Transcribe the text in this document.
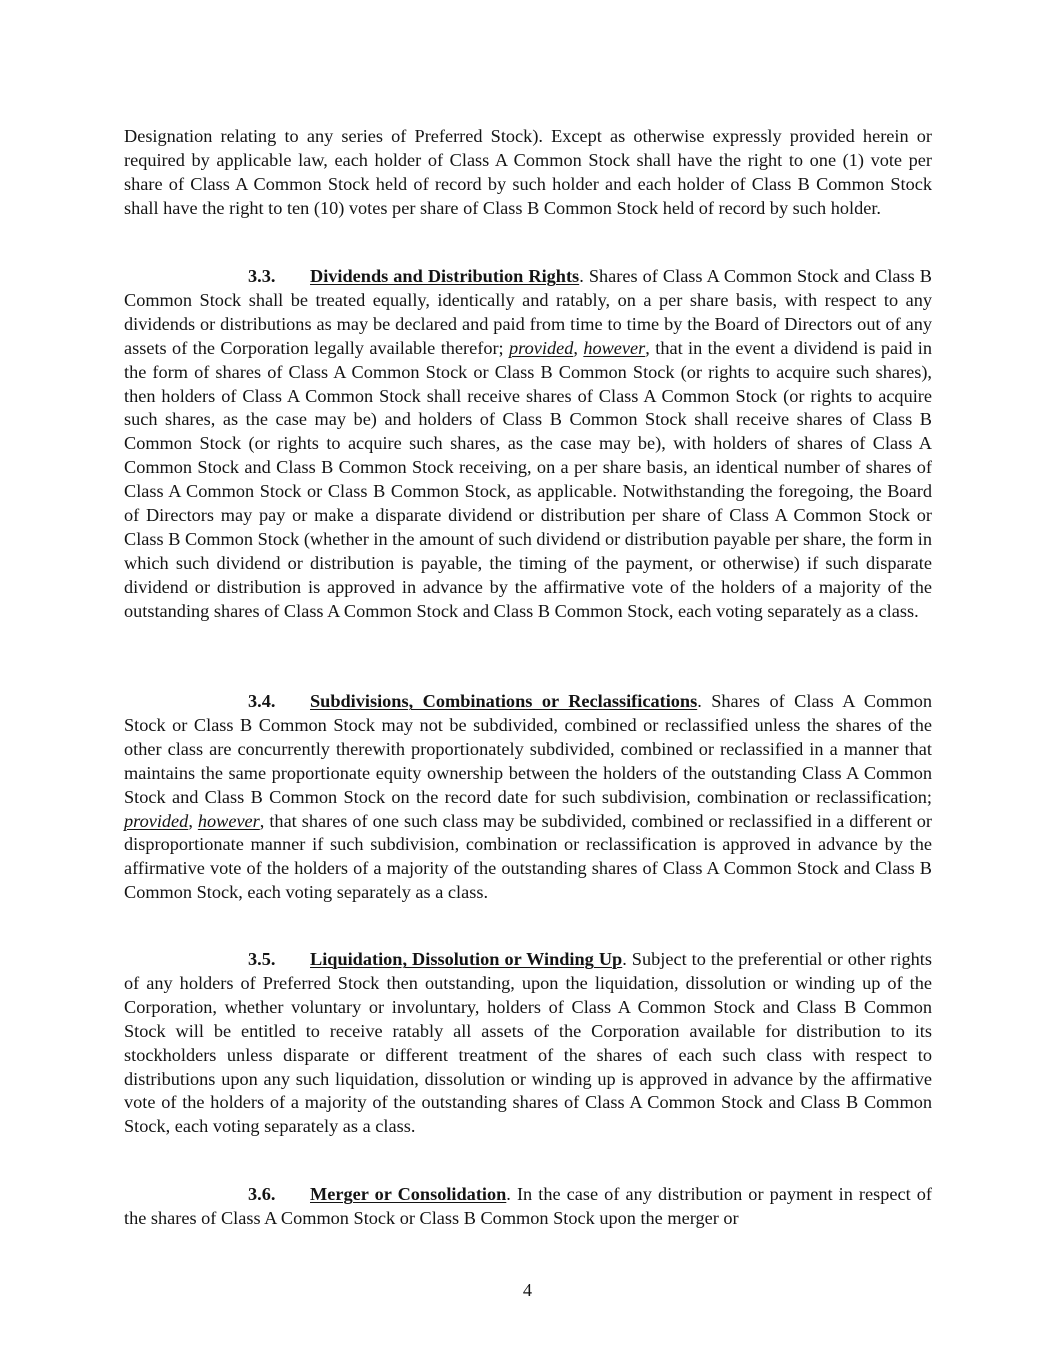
Designation relating to any series of Preferred Stock). Except as otherwise expressly provided herein or required by applicable law, each holder of Class A Common Stock shall have the right to one (1) vote per share of Class A Common Stock held of record by such holder and each holder of Class B Common Stock shall have the right to ten (10) votes per share of Class B Common Stock held of record by such holder.

3.3. Dividends and Distribution Rights. Shares of Class A Common Stock and Class B Common Stock shall be treated equally, identically and ratably, on a per share basis, with respect to any dividends or distributions as may be declared and paid from time to time by the Board of Directors out of any assets of the Corporation legally available therefor; provided, however, that in the event a dividend is paid in the form of shares of Class A Common Stock or Class B Common Stock (or rights to acquire such shares), then holders of Class A Common Stock shall receive shares of Class A Common Stock (or rights to acquire such shares, as the case may be) and holders of Class B Common Stock shall receive shares of Class B Common Stock (or rights to acquire such shares, as the case may be), with holders of shares of Class A Common Stock and Class B Common Stock receiving, on a per share basis, an identical number of shares of Class A Common Stock or Class B Common Stock, as applicable. Notwithstanding the foregoing, the Board of Directors may pay or make a disparate dividend or distribution per share of Class A Common Stock or Class B Common Stock (whether in the amount of such dividend or distribution payable per share, the form in which such dividend or distribution is payable, the timing of the payment, or otherwise) if such disparate dividend or distribution is approved in advance by the affirmative vote of the holders of a majority of the outstanding shares of Class A Common Stock and Class B Common Stock, each voting separately as a class.

3.4. Subdivisions, Combinations or Reclassifications. Shares of Class A Common Stock or Class B Common Stock may not be subdivided, combined or reclassified unless the shares of the other class are concurrently therewith proportionately subdivided, combined or reclassified in a manner that maintains the same proportionate equity ownership between the holders of the outstanding Class A Common Stock and Class B Common Stock on the record date for such subdivision, combination or reclassification; provided, however, that shares of one such class may be subdivided, combined or reclassified in a different or disproportionate manner if such subdivision, combination or reclassification is approved in advance by the affirmative vote of the holders of a majority of the outstanding shares of Class A Common Stock and Class B Common Stock, each voting separately as a class.

3.5. Liquidation, Dissolution or Winding Up. Subject to the preferential or other rights of any holders of Preferred Stock then outstanding, upon the liquidation, dissolution or winding up of the Corporation, whether voluntary or involuntary, holders of Class A Common Stock and Class B Common Stock will be entitled to receive ratably all assets of the Corporation available for distribution to its stockholders unless disparate or different treatment of the shares of each such class with respect to distributions upon any such liquidation, dissolution or winding up is approved in advance by the affirmative vote of the holders of a majority of the outstanding shares of Class A Common Stock and Class B Common Stock, each voting separately as a class.

3.6. Merger or Consolidation. In the case of any distribution or payment in respect of the shares of Class A Common Stock or Class B Common Stock upon the merger or

4
